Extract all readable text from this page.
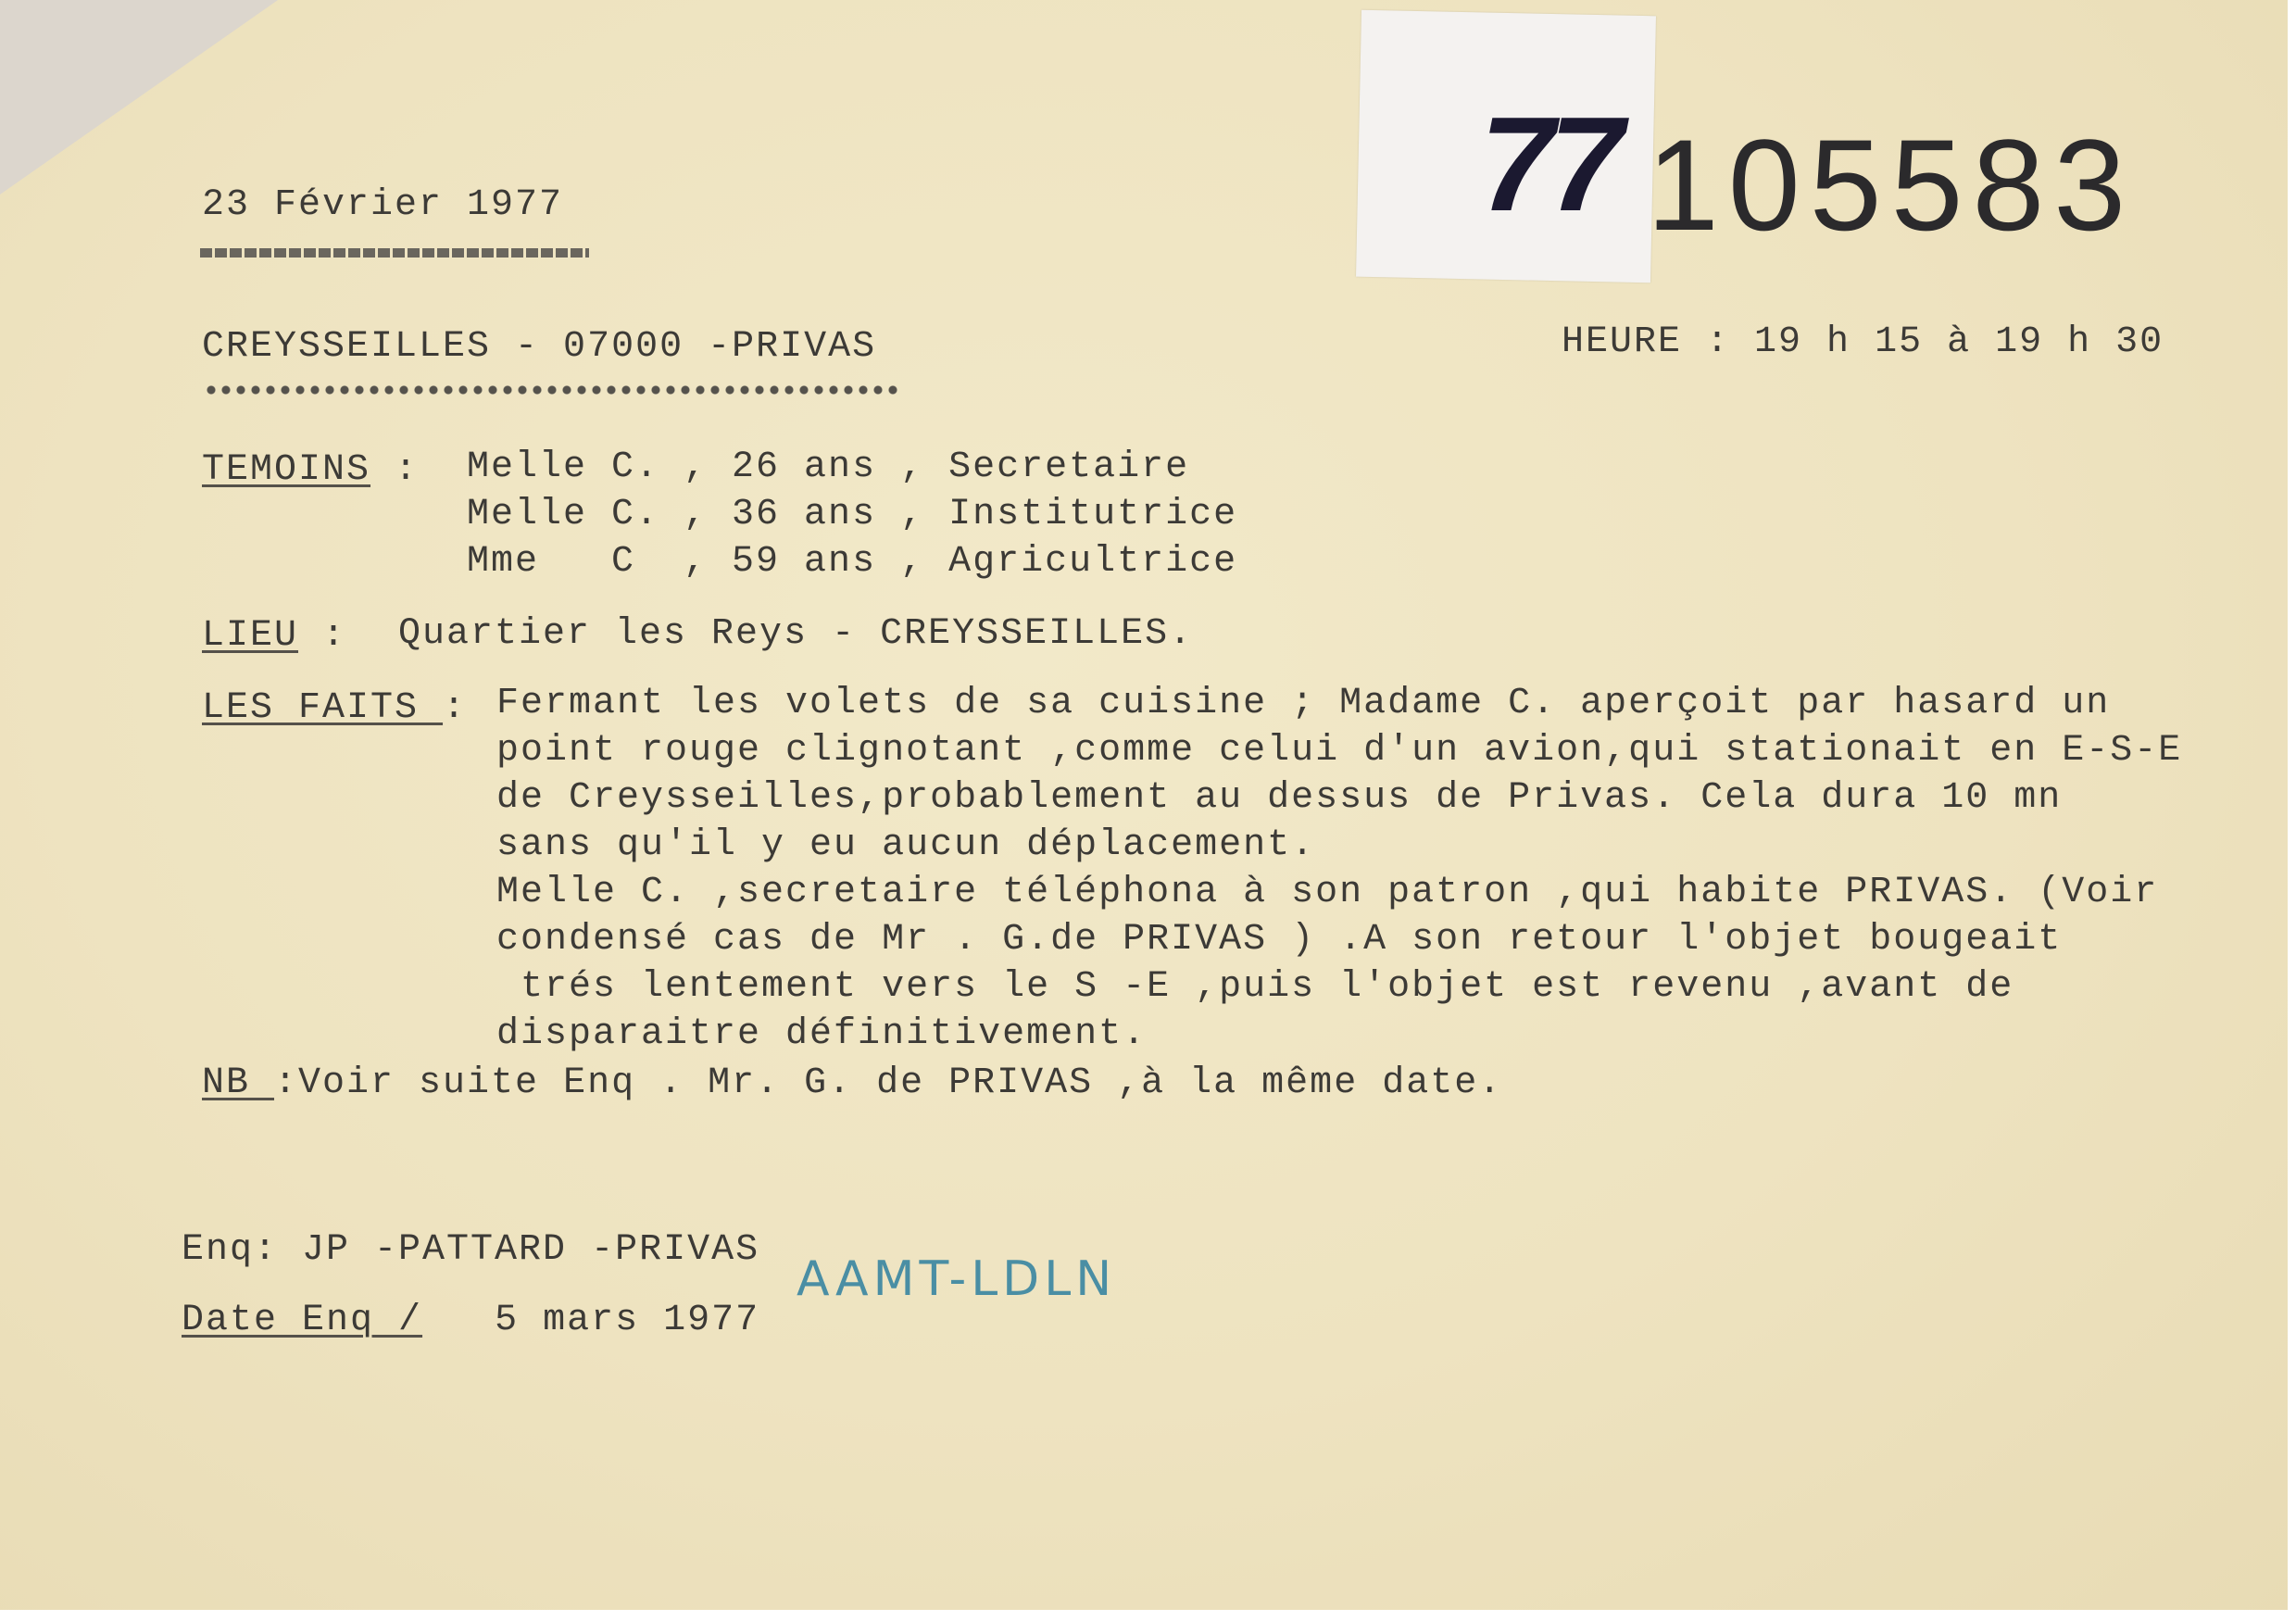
77 105583
23 Février 1977
CREYSSEILLES - 07000 -PRIVAS	HEURE : 19 h 15 à 19 h 30
TEMOINS : Melle C. , 26 ans , Secretaire
Melle C. , 36 ans , Institutrice
Mme   C  , 59 ans , Agricultrice
LIEU : Quartier les Reys - CREYSSEILLES.
LES FAITS : Fermant les volets de sa cuisine ; Madame C. aperçoit par hasard un
point rouge clignotant ,comme celui d'un avion,qui stationait en E-S-E
de Creysseilles,probablement au dessus de Privas. Cela dura 10 mn
sans qu'il y eu aucun déplacement.
Melle C. ,secretaire téléphona à son patron ,qui habite PRIVAS. (Voir
condensé cas de Mr . G.de PRIVAS ) .A son retour l'objet bougeait
trés lentement vers le S -E ,puis l'objet est revenu ,avant de
disparaitre définitivement.
NB :Voir suite Enq . Mr. G. de PRIVAS ,à la même date.
Enq: JP -PATTARD -PRIVAS
Date Enq / 5 mars 1977
AAMT-LDLN
